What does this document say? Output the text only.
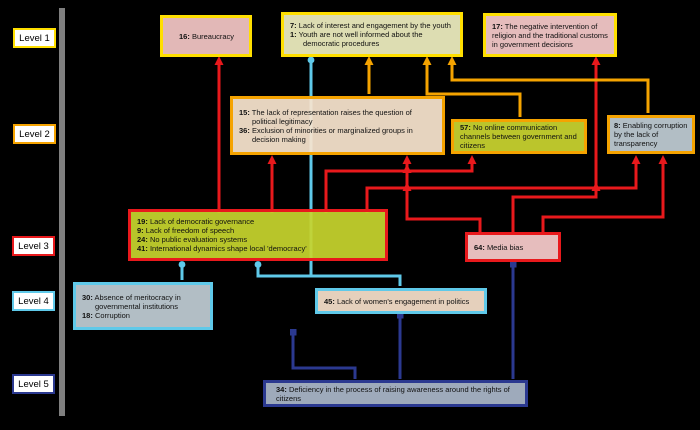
Level 1
Level 2
Level 3
Level 4
Level 5
16: Bureaucracy
7: Lack of interest and engagement by the youth
1: Youth are not well informed about the democratic procedures
17: The negative intervention of religion and the traditional customs in government decisions
15: The lack of representation raises the question of political legitimacy
36: Exclusion of minorities or marginalized groups in decision making
57: No online communication channels between government and citizens
8: Enabling corruption by the lack of transparency
19: Lack of democratic governance
9: Lack of freedom of speech
24: No public evaluation systems
41: International dynamics shape local 'democracy'	64: Media bias
30: Absence of meritocracy in governmental institutions
18: Corruption
45: Lack of women's engagement in politics
34: Deficiency in the process of raising awareness around the rights of citizens
